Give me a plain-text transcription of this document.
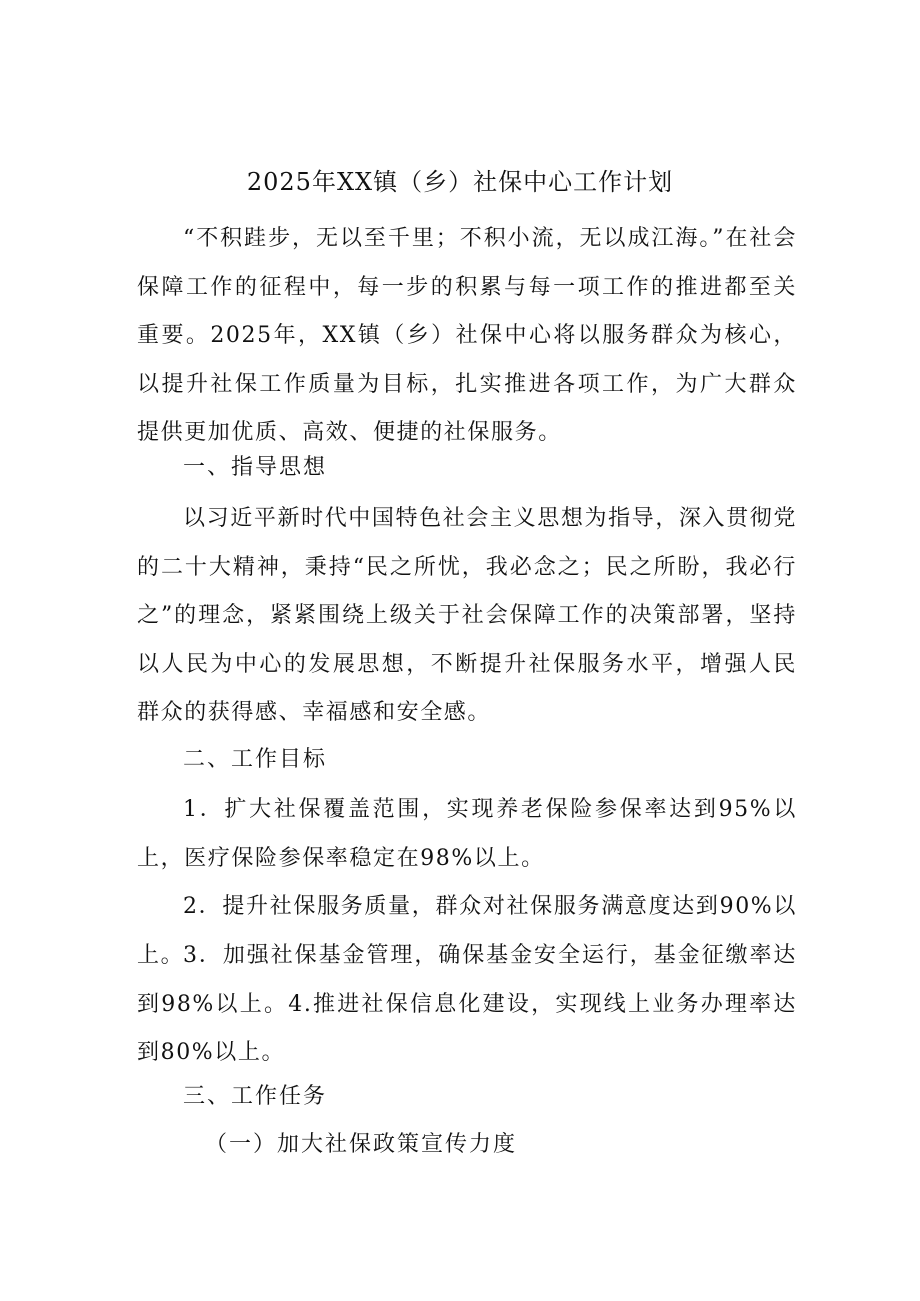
2025年XX镇（乡）社保中心工作计划

“不积跬步，无以至千里；不积小流，无以成江海。”在社会保障工作的征程中，每一步的积累与每一项工作的推进都至关重要。2025年，XX镇（乡）社保中心将以服务群众为核心，以提升社保工作质量为目标，扎实推进各项工作，为广大群众提供更加优质、高效、便捷的社保服务。

一、指导思想

以习近平新时代中国特色社会主义思想为指导，深入贯彻党的二十大精神，秉持“民之所忧，我必念之；民之所盼，我必行之”的理念，紧紧围绕上级关于社会保障工作的决策部署，坚持以人民为中心的发展思想，不断提升社保服务水平，增强人民群众的获得感、幸福感和安全感。

二、工作目标

1．扩大社保覆盖范围，实现养老保险参保率达到95%以上，医疗保险参保率稳定在98%以上。

2．提升社保服务质量，群众对社保服务满意度达到90%以上。

3．加强社保基金管理，确保基金安全运行，基金征缴率达到98%以上。4.推进社保信息化建设，实现线上业务办理率达到80%以上。

三、工作任务

（一）加大社保政策宣传力度
